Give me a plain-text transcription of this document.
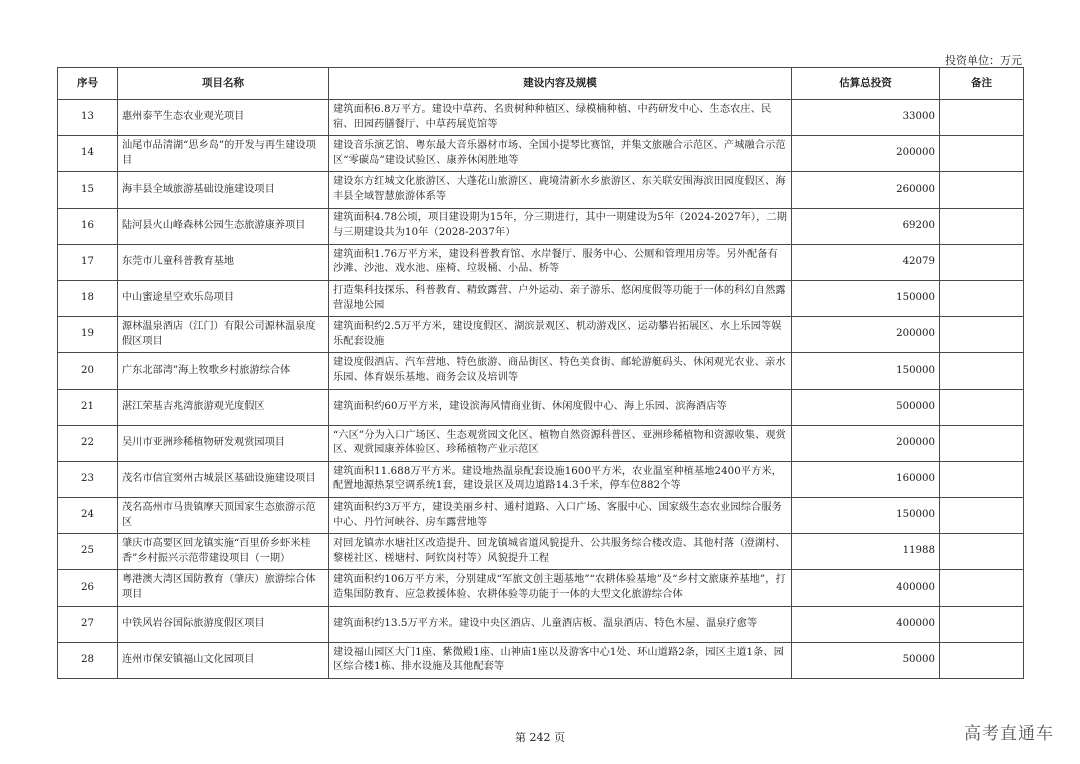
投资单位：万元
序号	项目名称	建设内容及规模	估算总投资	备注
13	惠州泰芊生态农业观光项目	建筑面积6.8万平方。建设中草药、名贵树种种植区、绿模楠种植、中药研发中心、生态农庄、民宿、田园药膳餐厅、中草药展览馆等	33000	
14	汕尾市品清湖“思乡岛”的开发与再生建设项目	建设音乐演艺馆、粤东最大音乐器材市场、全国小提琴比赛馆，并集文旅融合示范区、产城融合示范区“零碳岛”建设试验区、康养休闲胜地等	200000	
15	海丰县全域旅游基础设施建设项目	建设东方红城文化旅游区、大蓬花山旅游区、鹿境清新水乡旅游区、东关联安围海滨田园度假区、海丰县全域智慧旅游体系等	260000	
16	陆河县火山峰森林公园生态旅游康养项目	建筑面积4.78公顷，项目建设期为15年，分三期进行，其中一期建设为5年（2024-2027年），二期与三期建设共为10年（2028-2037年）	69200	
17	东莞市儿童科普教育基地	建筑面积1.76万平方米，建设科普教育馆、水岸餐厅、服务中心、公厕和管理用房等。另外配备有沙滩、沙池、戏水池、座椅、垃圾桶、小品、桥等	42079	
18	中山蜜途星空欢乐岛项目	打造集科技探乐、科普教育、精致露营、户外运动、亲子游乐、悠闲度假等功能于一体的科幻自然露营湿地公园	150000	
19	源林温泉酒店（江门）有限公司源林温泉度假区项目	建筑面积约2.5万平方米，建设度假区、湖滨景观区、机动游戏区、运动攀岩拓展区、水上乐园等娱乐配套设施	200000	
20	广东北部湾”海上牧歌乡村旅游综合体	建设度假酒店、汽车营地、特色旅游、商品街区、特色美食街、邮轮游艇码头、休闲观光农业、亲水乐园、体育娱乐基地、商务会议及培训等	150000	
21	湛江荣基吉兆湾旅游观光度假区	建筑面积约60万平方米，建设滨海风情商业街、休闲度假中心、海上乐园、滨海酒店等	500000	
22	吴川市亚洲珍稀植物研发观赏园项目	“六区”分为入口广场区、生态观赏园文化区、植物自然资源科普区、亚洲珍稀植物和资源收集、观赏区、观赏园康养体验区、珍稀植物产业示范区	200000	
23	茂名市信宜窦州古城景区基础设施建设项目	建筑面积11.688万平方米。建设地热温泉配套设施1600平方米，农业温室种植基地2400平方米，配置地源热泵空调系统1套，建设景区及周边道路14.3千米，停车位882个等	160000	
24	茂名高州市马贵镇摩天顶国家生态旅游示范区	建筑面积约3万平方，建设美丽乡村、通村道路、入口广场、客服中心、国家级生态农业园综合服务中心、丹竹河峡谷、房车露营地等	150000	
25	肇庆市高要区回龙镇实施“百里侨乡虾米桂香”乡村振兴示范带建设项目（一期）	对回龙镇赤水塘社区改造提升、回龙镇城省道风貌提升、公共服务综合楼改造、其他村落（澄湖村、黎槎社区、槎塘村、阿钦岗村等）风貌提升工程	11988	
26	粤港澳大湾区国防教育（肇庆）旅游综合体项目	建筑面积约106万平方米，分别建成“军旅文创主题基地”“农耕体验基地”及“乡村文旅康养基地”，打造集国防教育、应急救援体验、农耕体验等功能于一体的大型文化旅游综合体	400000	
27	中铁风岩谷国际旅游度假区项目	建筑面积约13.5万平方米。建设中央区酒店、儿童酒店板、温泉酒店、特色木屋、温泉疗愈等	400000	
28	连州市保安镇福山文化园项目	建设福山园区大门1座、紫微殿1座、山神庙1座以及游客中心1处、环山道路2条，园区主道1条、园区综合楼1栋、排水设施及其他配套等	50000	
第 242 页	高考直通车
